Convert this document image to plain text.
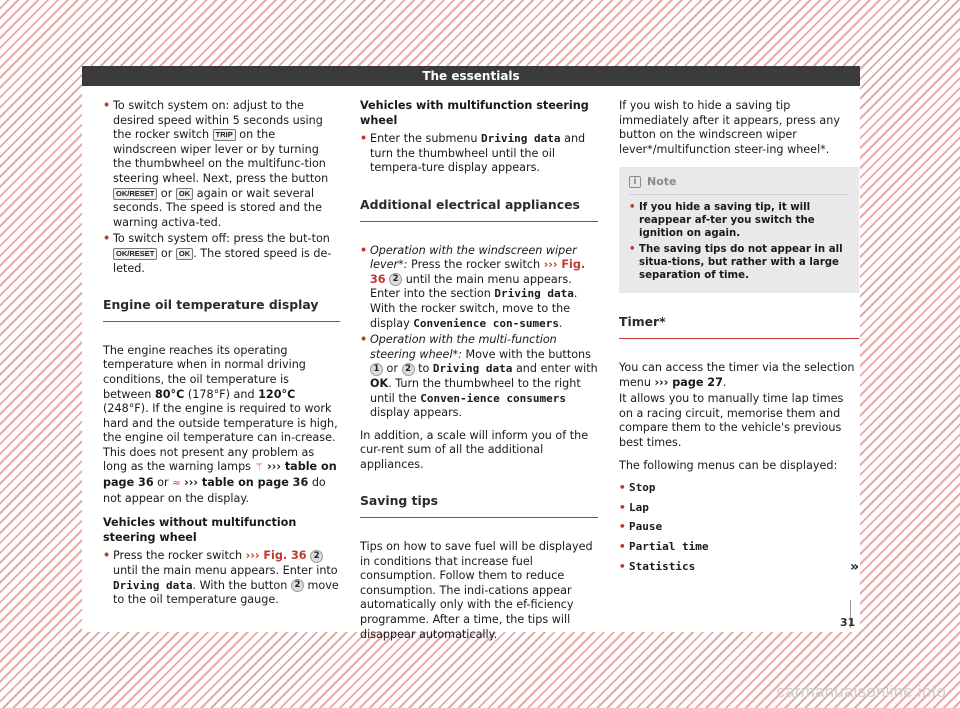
The essentials
• To switch system on: adjust to the desired speed within 5 seconds using the rocker switch TRIP on the windscreen wiper lever or by turning the thumbwheel on the multifunc-tion steering wheel. Next, press the button OK/RESET or OK again or wait several seconds. The speed is stored and the warning activa-ted.
• To switch system off: press the but-ton OK/RESET or OK . The stored speed is de-leted.
Engine oil temperature display

The engine reaches its operating temperature when in normal driving conditions, the oil temperature is between 80°C (178°F) and 120°C (248°F). If the engine is required to work hard and the outside temperature is high, the engine oil temperature can in-crease. This does not present any problem as long as the warning lamps ⚚ ››› table on page 36 or ≈ ››› table on page 36 do not appear on the display.

Vehicles without multifunction steering wheel
• Press the rocker switch ››› Fig. 36 2 until the main menu appears. Enter into Driving data. With the button 2 move to the oil temperature gauge.
Vehicles with multifunction steering wheel
• Enter the submenu Driving data and turn the thumbwheel until the oil tempera-ture display appears.
Additional electrical appliances
• Operation with the windscreen wiper lever*: Press the rocker switch ››› Fig. 36 2 until the main menu appears. Enter into the section Driving data. With the rocker switch, move to the display Convenience con-sumers.
• Operation with the multi-function steering wheel*: Move with the buttons 1 or 2 to Driving data and enter with OK. Turn the thumbwheel to the right until the Conven-ience consumers display appears.

In addition, a scale will inform you of the cur-rent sum of all the additional appliances.

Saving tips

Tips on how to save fuel will be displayed in conditions that increase fuel consumption. Follow them to reduce consumption. The indi-cations appear automatically only with the ef-ficiency programme. After a time, the tips will disappear automatically.

If you wish to hide a saving tip immediately after it appears, press any button on the windscreen wiper lever*/multifunction steer-ing wheel*.

i Note
• If you hide a saving tip, it will reappear af-ter you switch the ignition on again.
• The saving tips do not appear in all situa-tions, but rather with a large separation of time.
Timer*

You can access the timer via the selection menu ››› page 27.

It allows you to manually time lap times on a racing circuit, memorise them and compare them to the vehicle's previous best times.

The following menus can be displayed:

• Stop
• Lap
• Pause
• Partial time
• Statistics	»
31
carmanualsonline.info
